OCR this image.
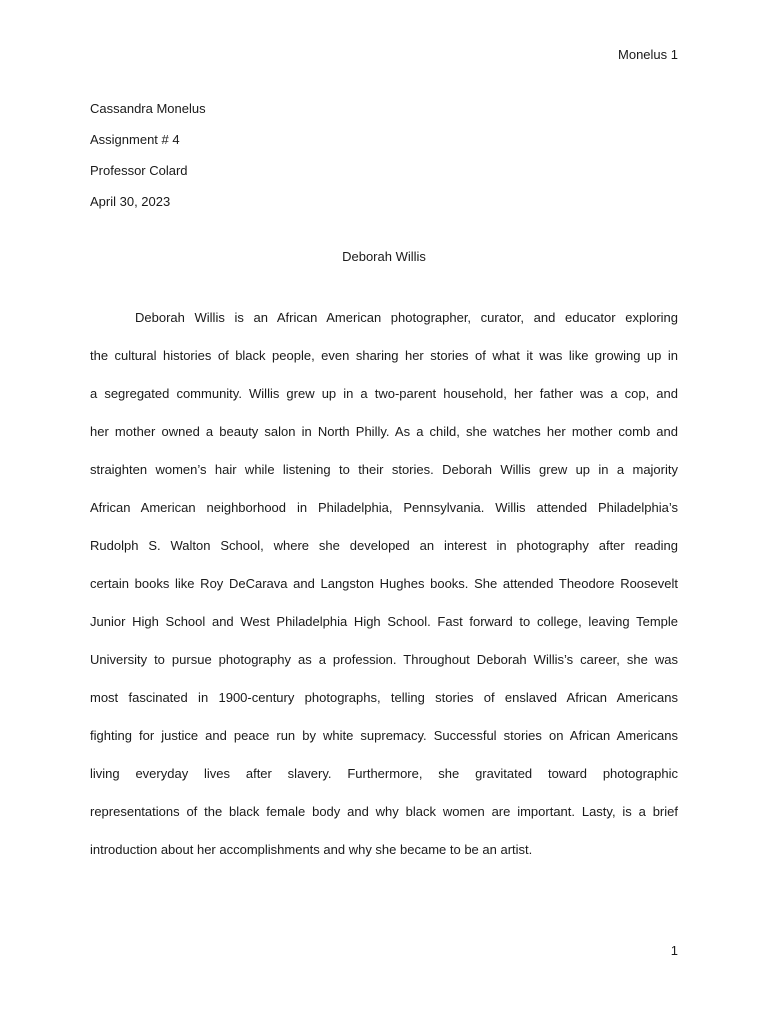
Monelus 1
Cassandra Monelus
Assignment # 4
Professor Colard
April 30, 2023
Deborah Willis
Deborah Willis is an African American photographer, curator, and educator exploring
the cultural histories of black people, even sharing her stories of what it was like growing up in
a segregated community. Willis grew up in a two-parent household, her father was a cop, and
her mother owned a beauty salon in North Philly. As a child, she watches her mother comb and
straighten women’s hair while listening to their stories. Deborah Willis grew up in a majority
African American neighborhood in Philadelphia, Pennsylvania. Willis attended Philadelphia’s
Rudolph S. Walton School, where she developed an interest in photography after reading
certain books like Roy DeCarava and Langston Hughes books. She attended Theodore Roosevelt
Junior High School and West Philadelphia High School. Fast forward to college, leaving Temple
University to pursue photography as a profession. Throughout Deborah Willis’s career, she was
most fascinated in 1900-century photographs, telling stories of enslaved African Americans
fighting for justice and peace run by white supremacy. Successful stories on African Americans
living everyday lives after slavery. Furthermore, she gravitated toward photographic
representations of the black female body and why black women are important. Lasty, is a brief
introduction about her accomplishments and why she became to be an artist.
1
